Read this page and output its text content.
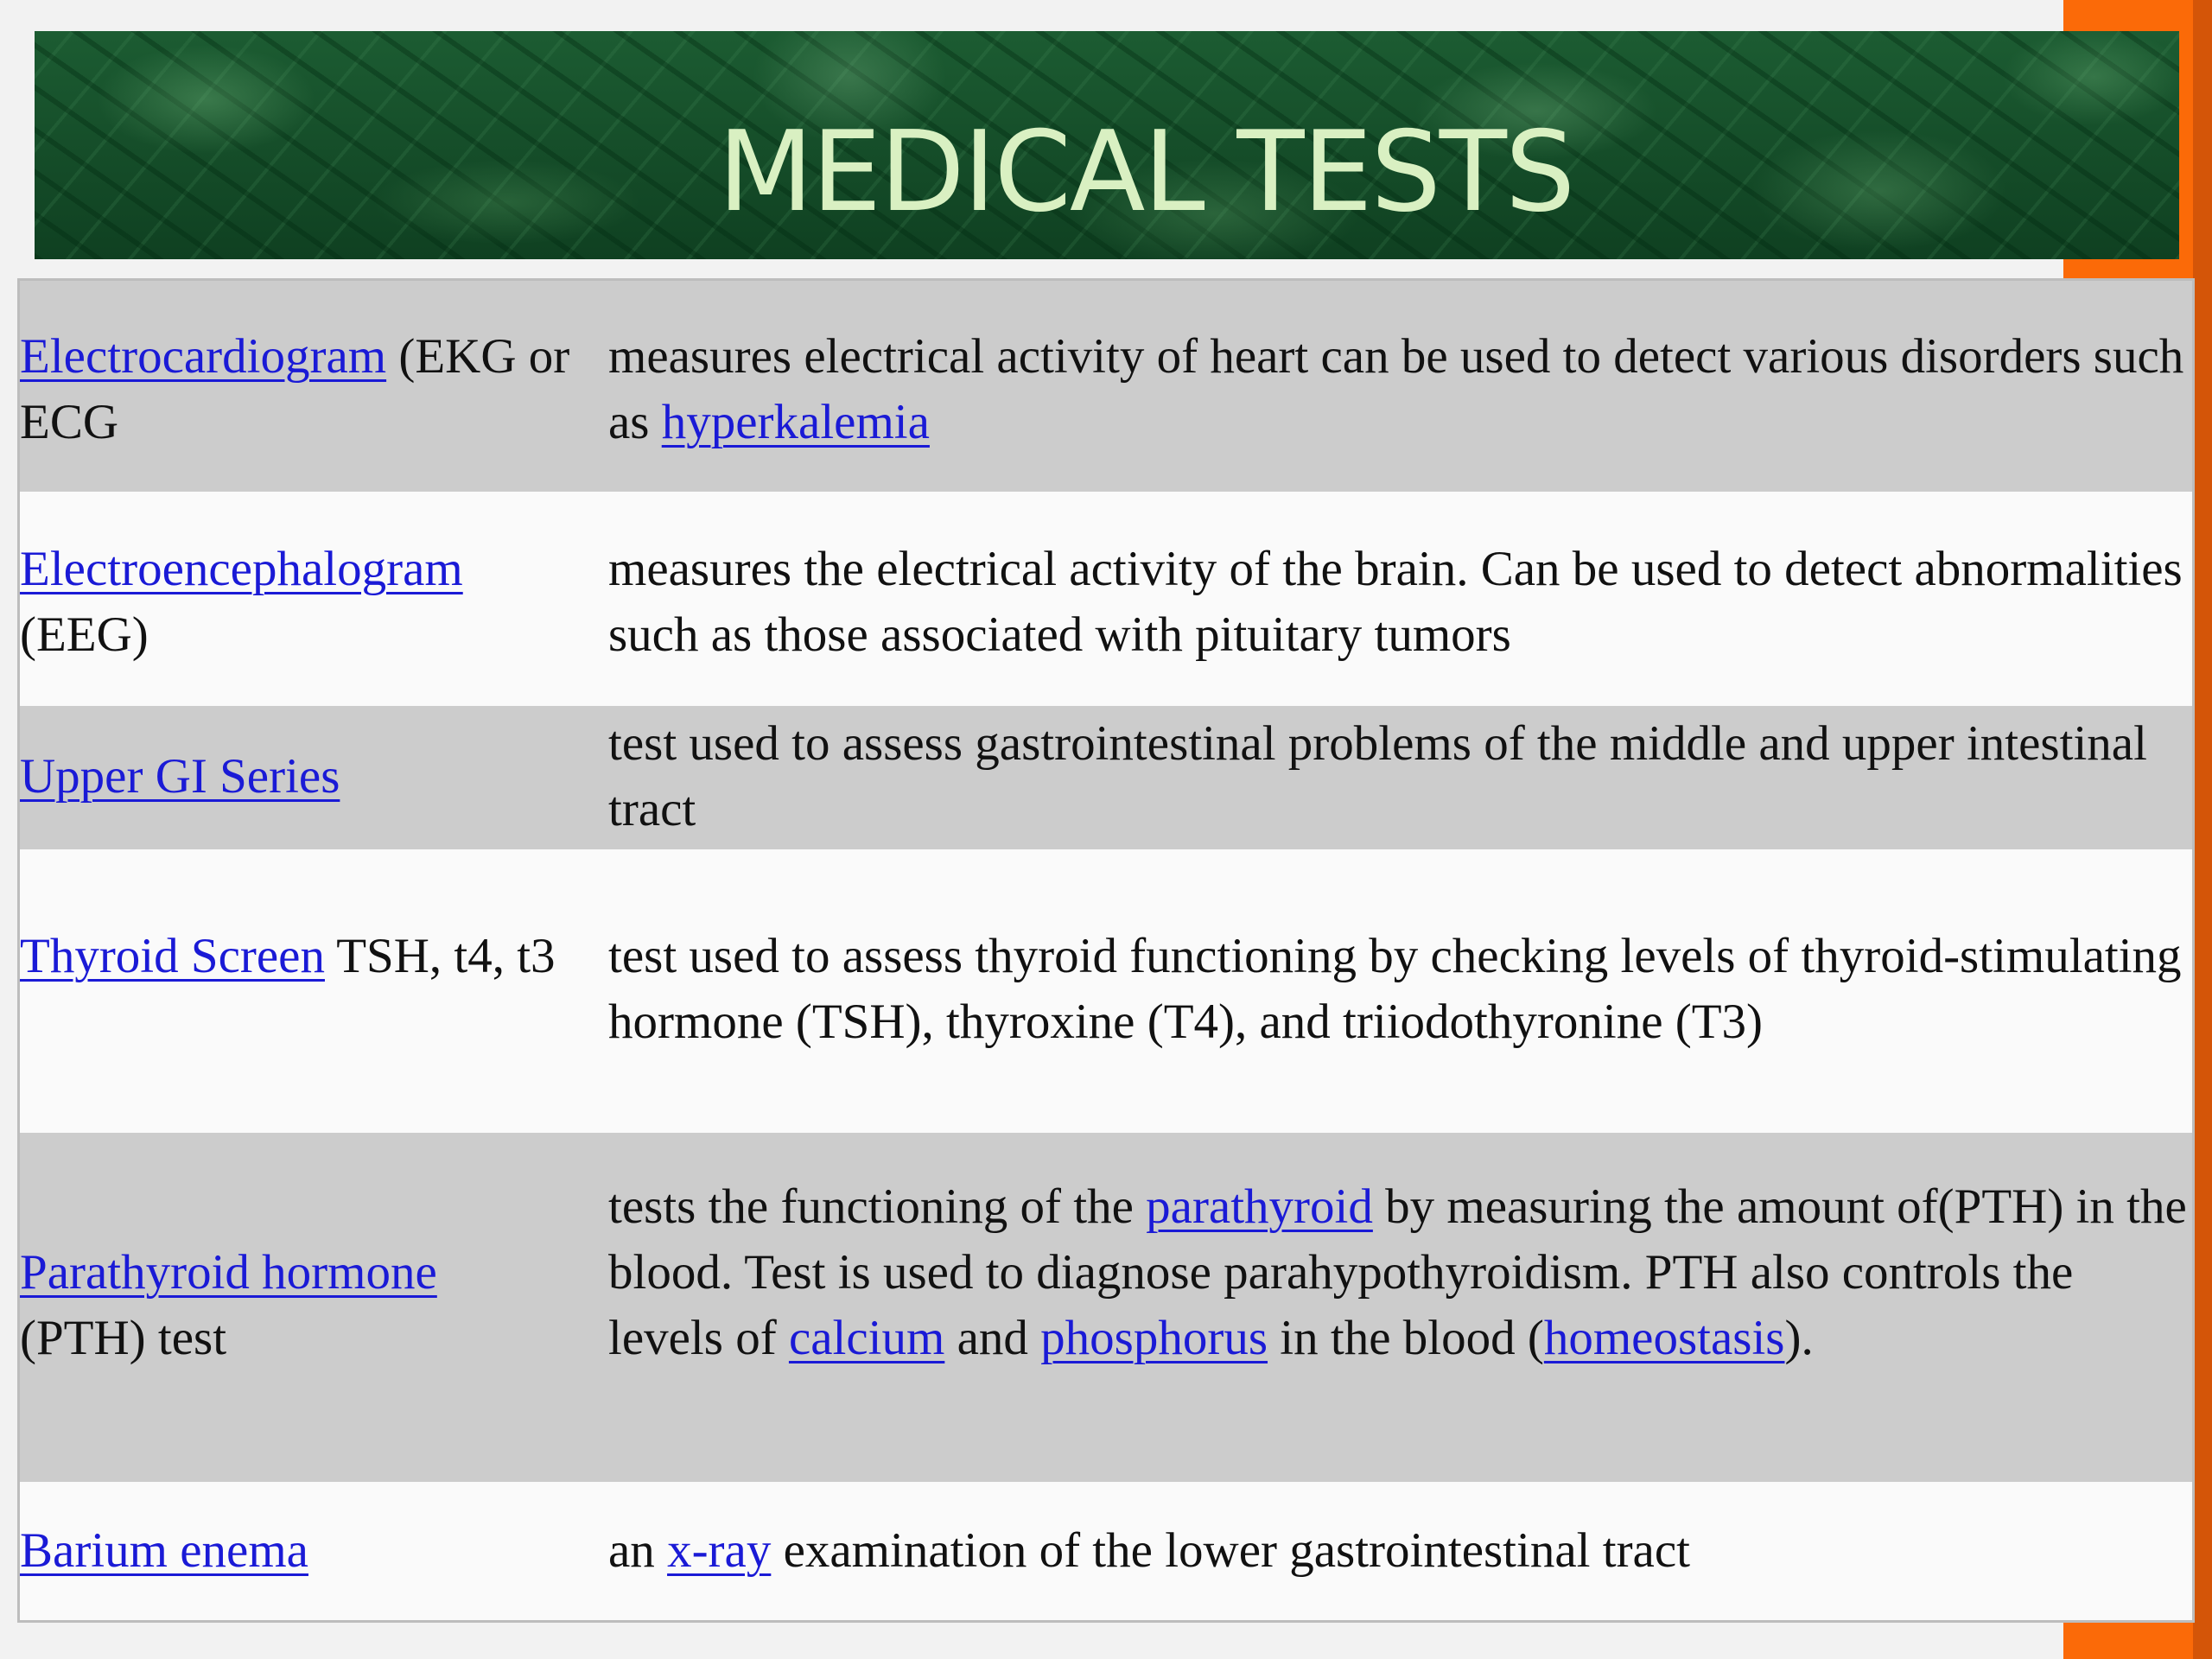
MEDICAL TESTS
Electrocardiogram (EKG or ECG
measures electrical activity of heart can be used to detect various disorders such as hyperkalemia
Electroencephalogram
(EEG)
measures the electrical activity of the brain. Can be used to detect abnormalities such as those associated with pituitary tumors
Upper GI Series
test used to assess gastrointestinal problems of the middle and upper intestinal tract
Thyroid Screen TSH, t4, t3	test used to assess thyroid functioning by checking levels of thyroid-stimulating hormone (TSH), thyroxine (T4), and triiodothyronine (T3)
Parathyroid hormone
(PTH) test
tests the functioning of the parathyroid by measuring the amount of(PTH) in the blood. Test is used to diagnose parahypothyroidism. PTH also controls the levels of calcium and phosphorus in the blood (homeostasis).
Barium enema	an x-ray examination of the lower gastrointestinal tract
